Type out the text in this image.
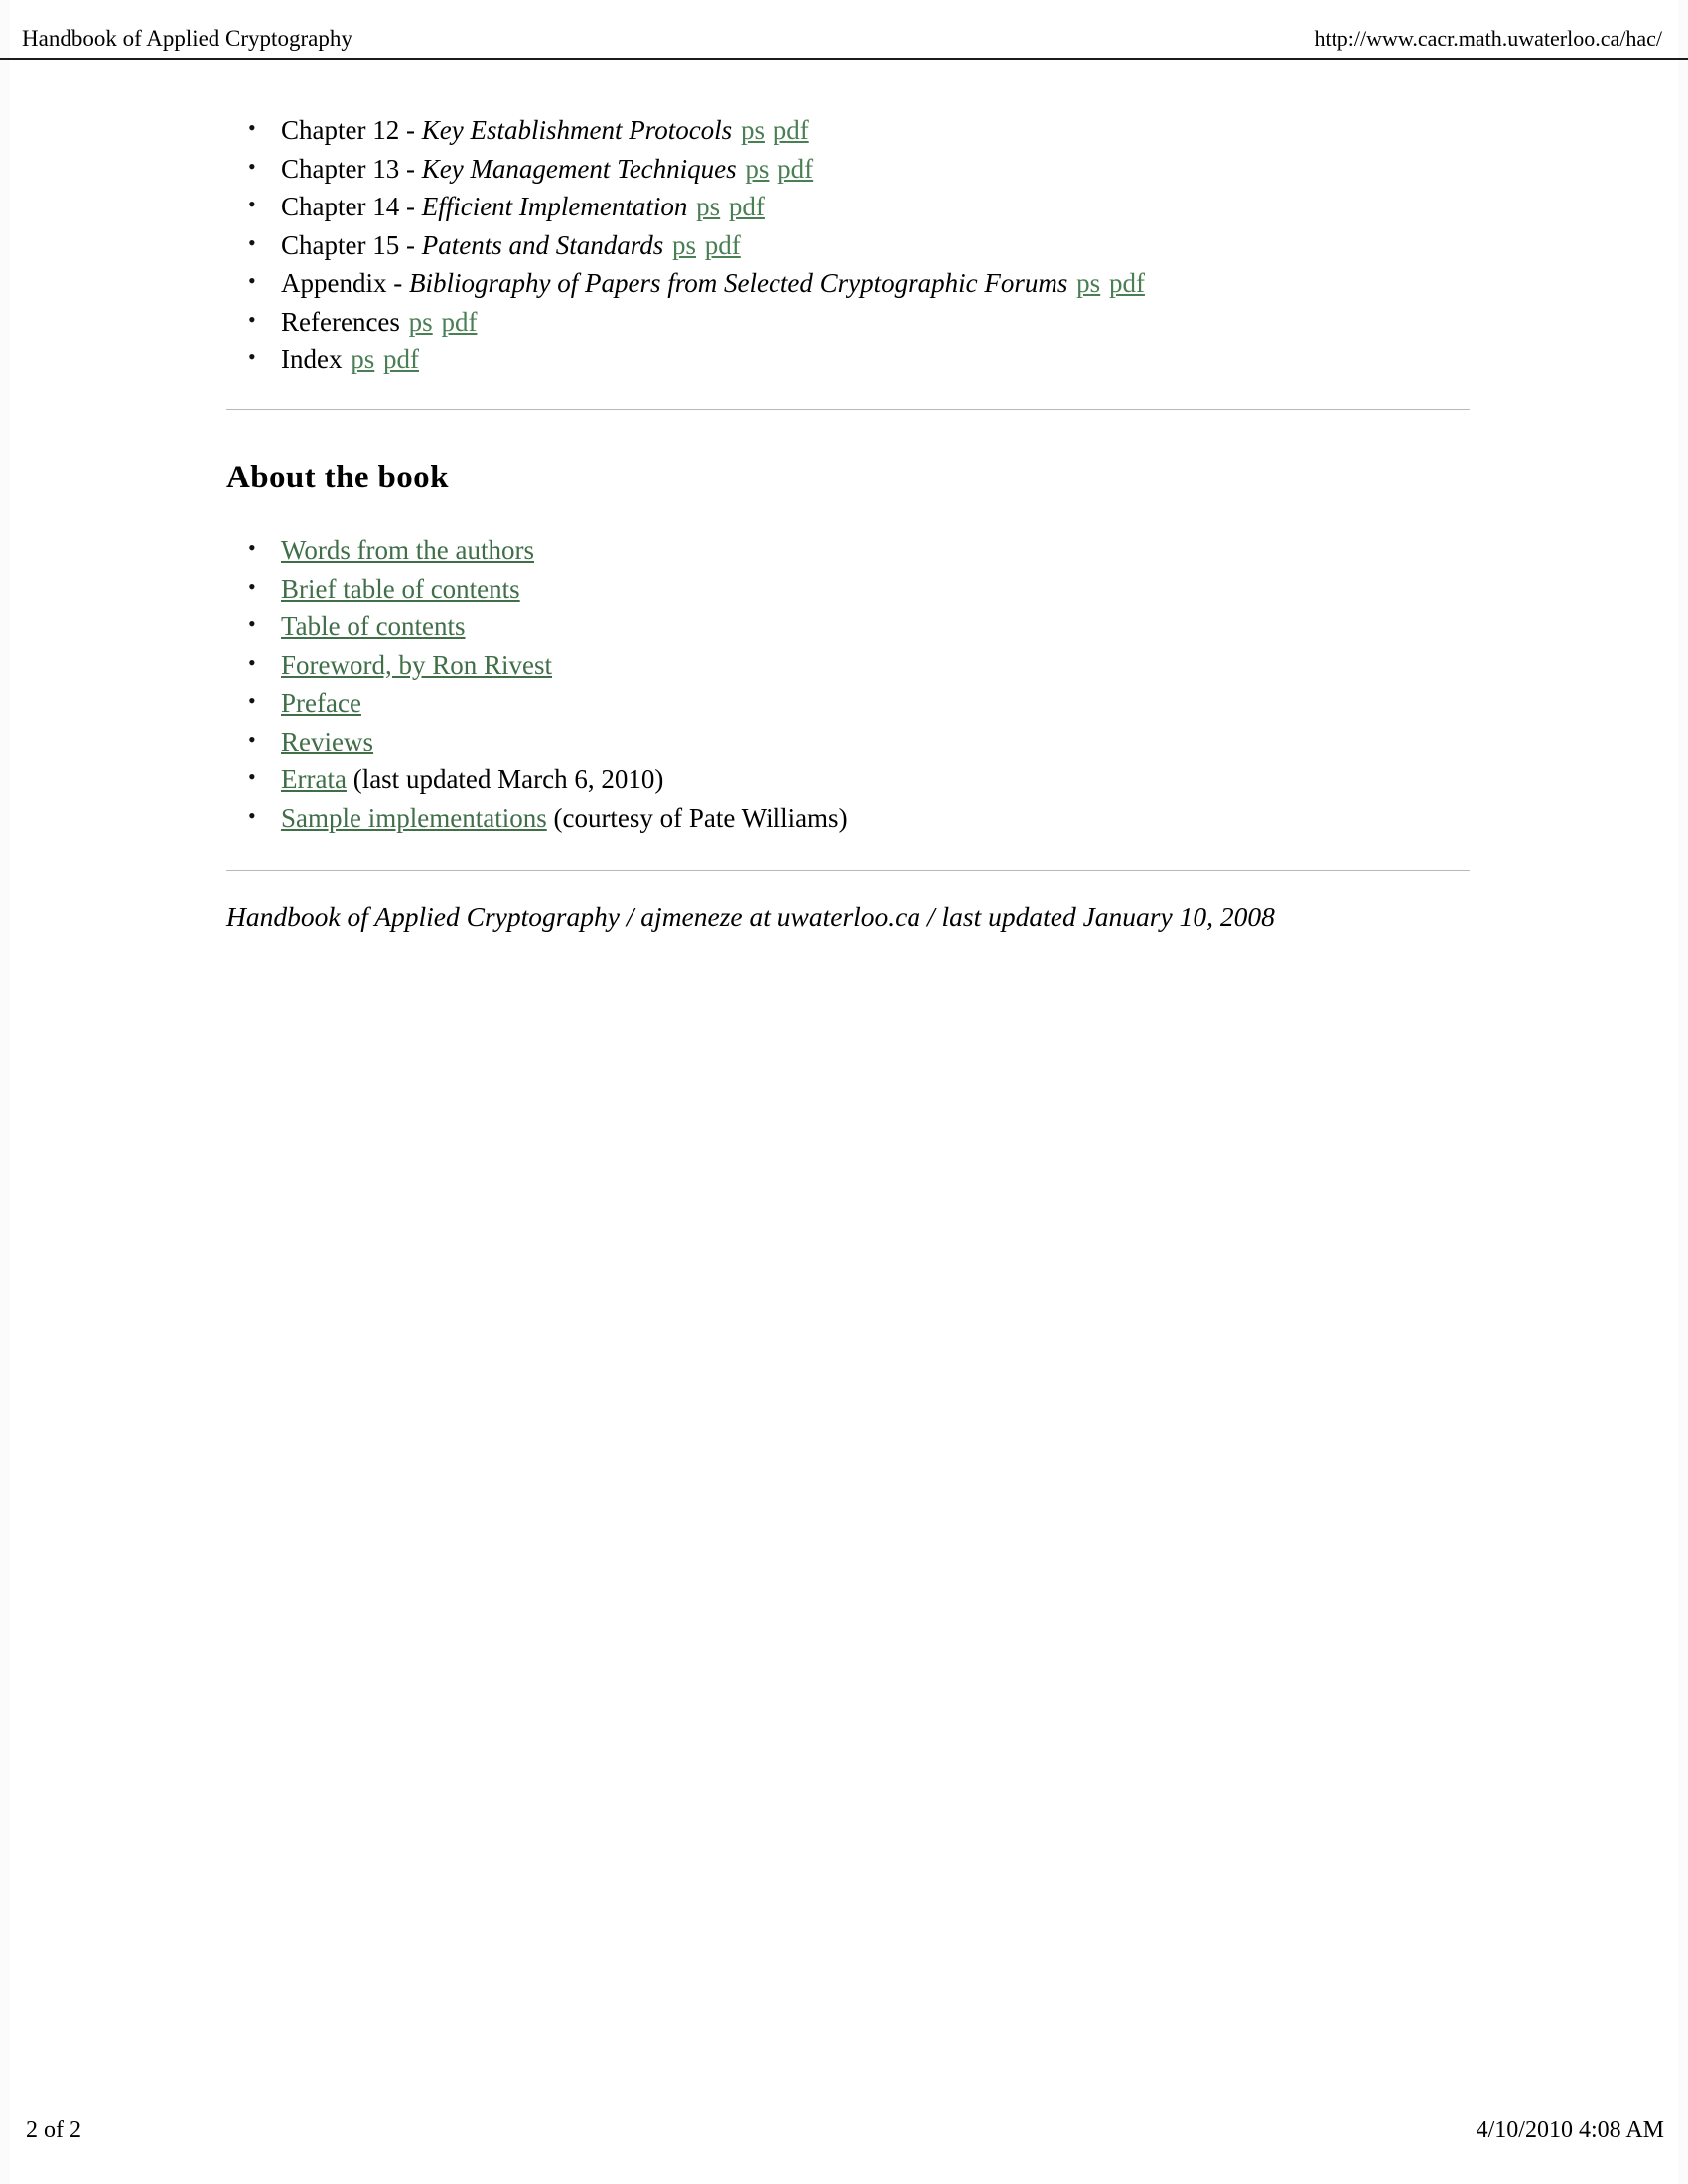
Handbook of Applied Cryptography	http://www.cacr.math.uwaterloo.ca/hac/
• Chapter 12 - Key Establishment Protocols ps pdf
• Chapter 13 - Key Management Techniques ps pdf
• Chapter 14 - Efficient Implementation ps pdf
• Chapter 15 - Patents and Standards ps pdf
• Appendix - Bibliography of Papers from Selected Cryptographic Forums ps pdf
• References ps pdf
• Index ps pdf
About the book
• Words from the authors
• Brief table of contents
• Table of contents
• Foreword, by Ron Rivest
• Preface
• Reviews
• Errata (last updated March 6, 2010)
• Sample implementations (courtesy of Pate Williams)
Handbook of Applied Cryptography / ajmeneze at uwaterloo.ca / last updated January 10, 2008
2 of 2	4/10/2010 4:08 AM
